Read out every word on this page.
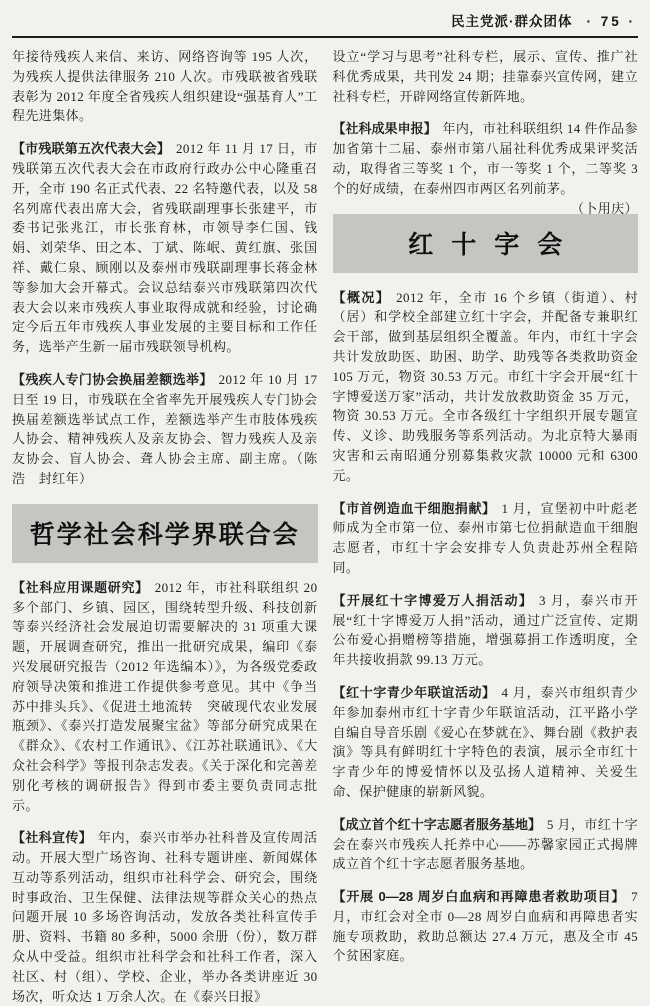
民主党派·群众团体 · 75 ·

年接待残疾人来信、来访、网络咨询等 195 人次，为残疾人提供法律服务 210 人次。市残联被省残联表彰为 2012 年度全省残疾人组织建设“强基育人”工程先进集体。

【市残联第五次代表大会】 2012 年 11 月 17 日，市残联第五次代表大会在市政府行政办公中心隆重召开，全市 190 名正式代表、22 名特邀代表，以及 58 名列席代表出席大会，省残联副理事长张建平，市委书记张兆江，市长张育林，市领导李仁国、钱娟、刘荣华、田之本、丁斌、陈岷、黄红旗、张国祥、戴仁泉、顾刚以及泰州市残联副理事长蒋金林等参加大会开幕式。会议总结泰兴市残联第四次代表大会以来市残疾人事业取得成就和经验，讨论确定今后五年市残疾人事业发展的主要目标和工作任务，选举产生新一届市残联领导机构。

【残疾人专门协会换届差额选举】 2012 年 10 月 17 日至 19 日，市残联在全省率先开展残疾人专门协会换届差额选举试点工作，差额选举产生市肢体残疾人协会、精神残疾人及亲友协会、智力残疾人及亲友协会、盲人协会、聋人协会主席、副主席。（陈　浩　封红年）

哲学社会科学界联合会

【社科应用课题研究】 2012 年，市社科联组织 20 多个部门、乡镇、园区，围绕转型升级、科技创新等泰兴经济社会发展迫切需要解决的 31 项重大课题，开展调查研究，推出一批研究成果，编印《泰兴发展研究报告（2012 年选编本）》，为各级党委政府领导决策和推进工作提供参考意见。其中《争当苏中排头兵》、《促进土地流转　突破现代农业发展瓶颈》、《泰兴打造发展聚宝盆》等部分研究成果在《群众》、《农村工作通讯》、《江苏社联通讯》、《大众社会科学》等报刊杂志发表。《关于深化和完善差别化考核的调研报告》得到市委主要负责同志批示。

【社科宣传】 年内，泰兴市举办社科普及宣传周活动。开展大型广场咨询、社科专题讲座、新闻媒体互动等系列活动，组织市社科学会、研究会，围绕时事政治、卫生保健、法律法规等群众关心的热点问题开展 10 多场咨询活动，发放各类社科宣传手册、资料、书籍 80 多种，5000 余册（份），数万群众从中受益。组织市社科学会和社科工作者，深入社区、村（组）、学校、企业，举办各类讲座近 30 场次，听众达 1 万余人次。在《泰兴日报》

设立“学习与思考”社科专栏，展示、宣传、推广社科优秀成果，共刊发 24 期；挂靠泰兴宣传网，建立社科专栏，开辟网络宣传新阵地。

【社科成果申报】 年内，市社科联组织 14 件作品参加省第十二届、泰州市第八届社科优秀成果评奖活动，取得省三等奖 1 个，市一等奖 1 个，二等奖 3 个的好成绩，在泰州四市两区名列前茅。
（卜用庆）

红十字会

【概况】 2012 年，全市 16 个乡镇（街道）、村（居）和学校全部建立红十字会，并配备专兼职红会干部，做到基层组织全覆盖。年内，市红十字会共计发放助医、助困、助学、助残等各类救助资金 105 万元，物资 30.53 万元。市红十字会开展“红十字博爱送万家”活动，共计发放救助资金 35 万元，物资 30.53 万元。全市各级红十字组织开展专题宣传、义诊、助残服务等系列活动。为北京特大暴雨灾害和云南昭通分别募集救灾款 10000 元和 6300 元。

【市首例造血干细胞捐献】 1 月，宣堡初中叶彪老师成为全市第一位、泰州市第七位捐献造血干细胞志愿者，市红十字会安排专人负责赴苏州全程陪同。

【开展红十字博爱万人捐活动】 3 月，泰兴市开展“红十字博爱万人捐”活动，通过广泛宣传、定期公布爱心捐赠榜等措施，增强募捐工作透明度，全年共接收捐款 99.13 万元。

【红十字青少年联谊活动】 4 月，泰兴市组织青少年参加泰州市红十字青少年联谊活动，江平路小学自编自导音乐剧《爱心在梦就在》、舞台剧《救护表演》等具有鲜明红十字特色的表演，展示全市红十字青少年的博爱情怀以及弘扬人道精神、关爱生命、保护健康的崭新风貌。

【成立首个红十字志愿者服务基地】 5 月，市红十字会在泰兴市残疾人托养中心——苏馨家园正式揭牌成立首个红十字志愿者服务基地。

【开展 0—28 周岁白血病和再障患者救助项目】 7 月，市红会对全市 0—28 周岁白血病和再障患者实施专项救助，救助总额达 27.4 万元，惠及全市 45 个贫困家庭。
